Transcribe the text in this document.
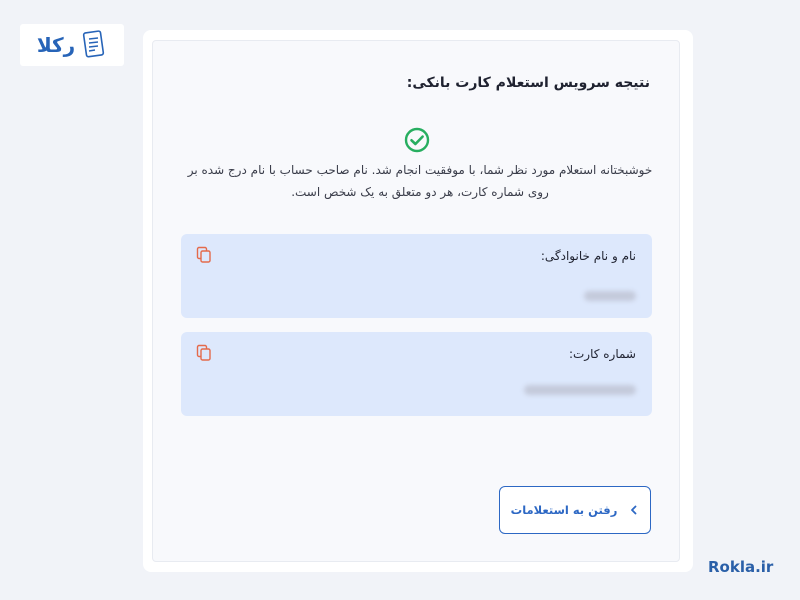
رکلا
نتیجه سرویس استعلام کارت بانکی:
خوشبختانه استعلام مورد نظر شما، با موفقیت انجام شد. نام صاحب حساب با نام درج شده بر روی شماره کارت، هر دو متعلق به یک شخص است.
نام و نام خانوادگی:
شماره کارت:
رفتن به استعلامات
Rokla.ir
